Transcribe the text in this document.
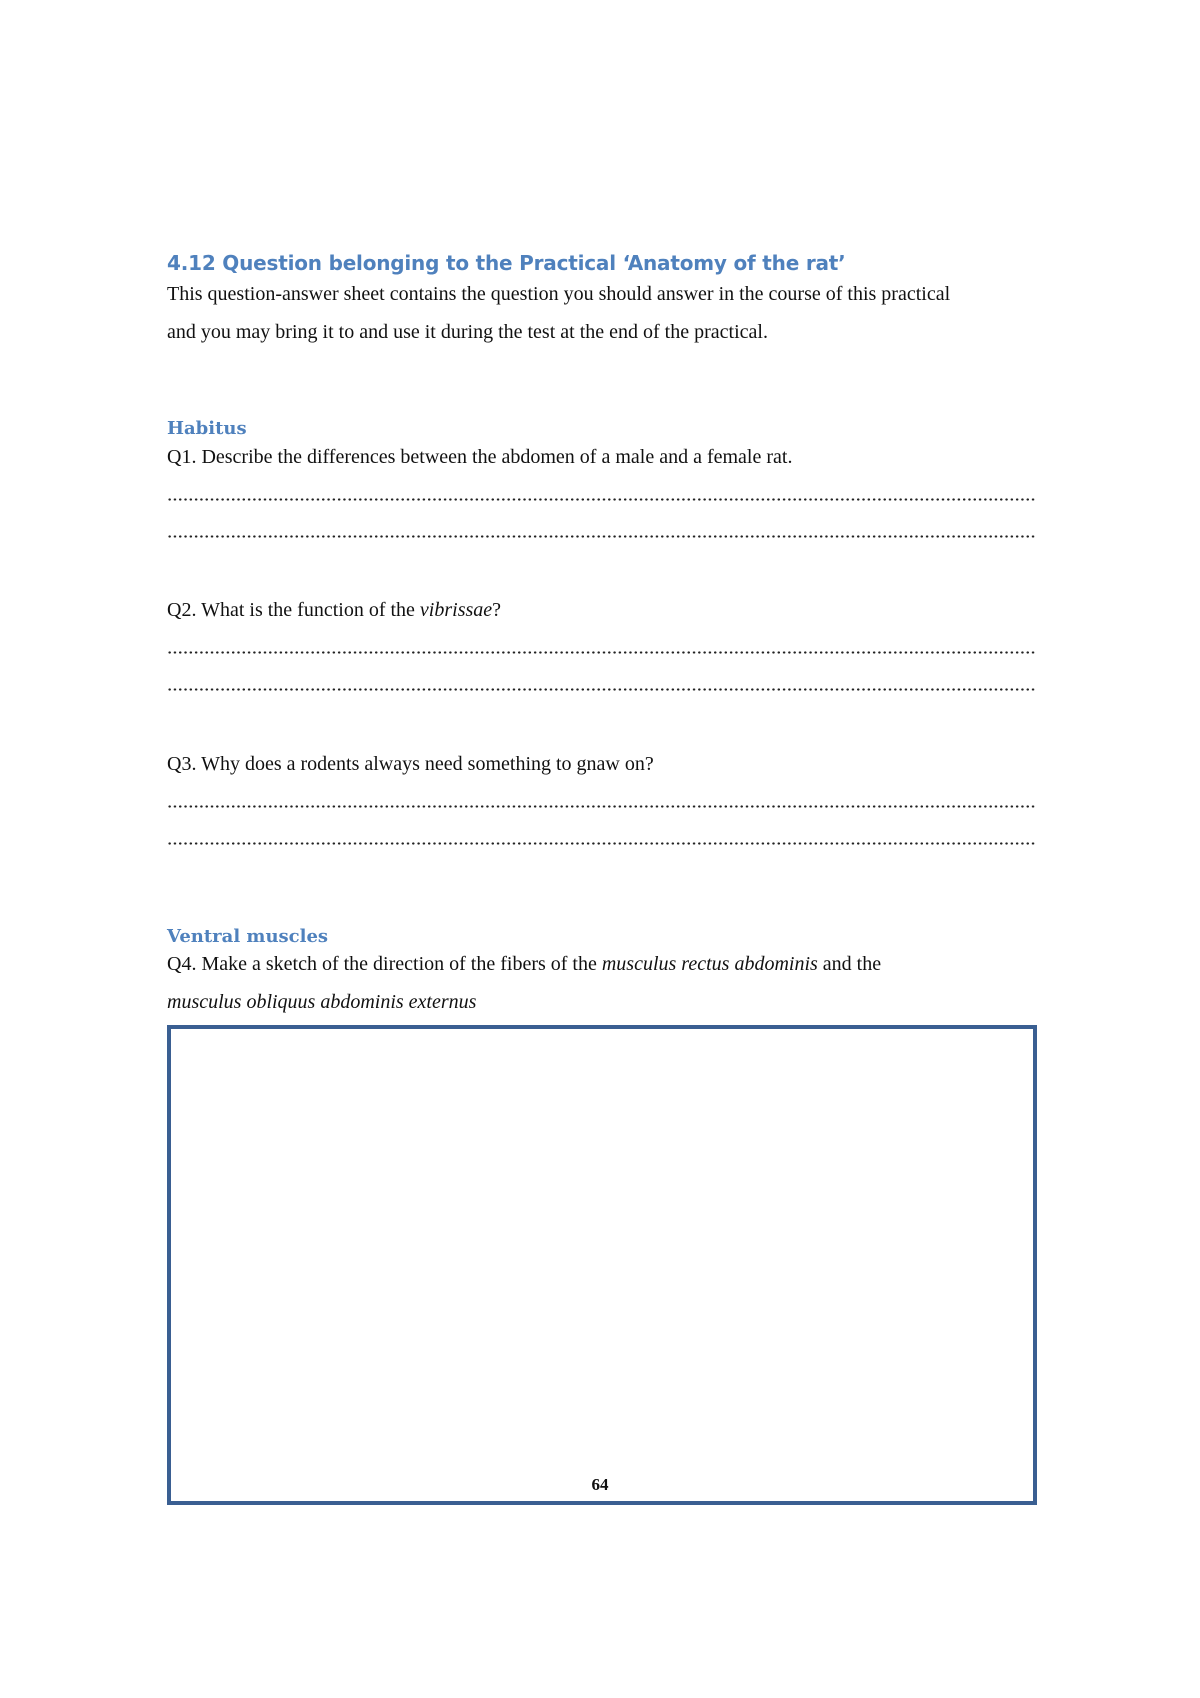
4.12 Question belonging to the Practical ‘Anatomy of the rat’
This question-answer sheet contains the question you should answer in the course of this practical
and you may bring it to and use it during the test at the end of the practical.
Habitus
Q1. Describe the differences between the abdomen of a male and a female rat.
Q2. What is the function of the vibrissae?
Q3. Why does a rodents always need something to gnaw on?
Ventral muscles
Q4. Make a sketch of the direction of the fibers of the musculus rectus abdominis and the
musculus obliquus abdominis externus
64
